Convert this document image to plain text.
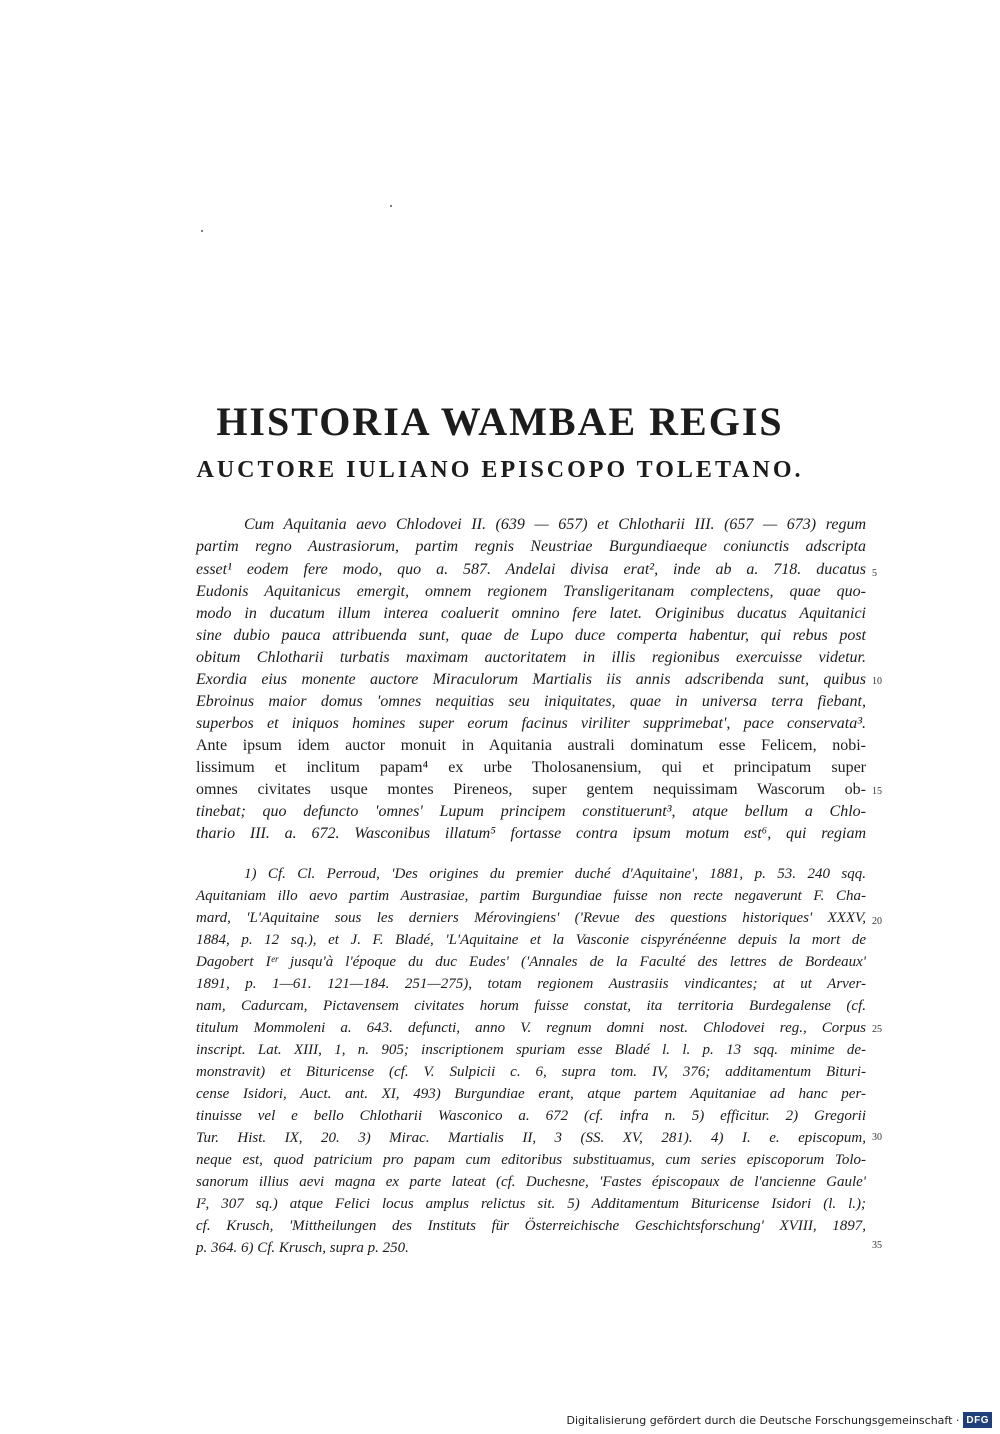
HISTORIA WAMBAE REGIS
AUCTORE IULIANO EPISCOPO TOLETANO.
Cum Aquitania aevo Chlodovei II. (639 — 657) et Chlotharii III. (657 — 673) regum
partim regno Austrasiorum, partim regnis Neustriae Burgundiaeque coniunctis adscripta
esset¹ eodem fere modo, quo a. 587. Andelai divisa erat², inde ab a. 718. ducatus
Eudonis Aquitanicus emergit, omnem regionem Transligeritanam complectens, quae quo-
modo in ducatum illum interea coaluerit omnino fere latet. Originibus ducatus Aquitanici
sine dubio pauca attribuenda sunt, quae de Lupo duce comperta habentur, qui rebus post
obitum Chlotharii turbatis maximam auctoritatem in illis regionibus exercuisse videtur.
Exordia eius monente auctore Miraculorum Martialis iis annis adscribenda sunt, quibus
Ebroinus maior domus 'omnes nequitias seu iniquitates, quae in universa terra fiebant,
superbos et iniquos homines super eorum facinus viriliter supprimebat', pace conservata³.
Ante ipsum idem auctor monuit in Aquitania australi dominatum esse Felicem, nobi-
lissimum et inclitum papam⁴ ex urbe Tholosanensium, qui et principatum super
omnes civitates usque montes Pireneos, super gentem nequissimam Wascorum ob-
tinebat; quo defuncto 'omnes' Lupum principem constituerunt³, atque bellum a Chlo-
thario III. a. 672. Wasconibus illatum⁵ fortasse contra ipsum motum est⁶, qui regiam
1) Cf. Cl. Perroud, 'Des origines du premier duché d'Aquitaine', 1881, p. 53. 240 sqq.
Aquitaniam illo aevo partim Austrasiae, partim Burgundiae fuisse non recte negaverunt F. Cha-
mard, 'L'Aquitaine sous les derniers Mérovingiens' ('Revue des questions historiques' XXXV,
1884, p. 12 sq.), et J. F. Bladé, 'L'Aquitaine et la Vasconie cispyrénéenne depuis la mort de
Dagobert Iᵉʳ jusqu'à l'époque du duc Eudes' ('Annales de la Faculté des lettres de Bordeaux'
1891, p. 1—61. 121—184. 251—275), totam regionem Austrasiis vindicantes; at ut Arver-
nam, Cadurcam, Pictavensem civitates horum fuisse constat, ita territoria Burdegalense (cf.
titulum Mommoleni a. 643. defuncti, anno V. regnum domni nost. Chlodovei reg., Corpus
inscript. Lat. XIII, 1, n. 905; inscriptionem spuriam esse Bladé l. l. p. 13 sqq. minime de-
monstravit) et Bituricense (cf. V. Sulpicii c. 6, supra tom. IV, 376; additamentum Bituri-
cense Isidori, Auct. ant. XI, 493) Burgundiae erant, atque partem Aquitaniae ad hanc per-
tinuisse vel e bello Chlotharii Wasconico a. 672 (cf. infra n. 5) efficitur. 2) Gregorii
Tur. Hist. IX, 20. 3) Mirac. Martialis II, 3 (SS. XV, 281). 4) I. e. episcopum,
neque est, quod patricium pro papam cum editoribus substituamus, cum series episcoporum Tolo-
sanorum illius aevi magna ex parte lateat (cf. Duchesne, 'Fastes épiscopaux de l'ancienne Gaule'
I², 307 sq.) atque Felici locus amplus relictus sit. 5) Additamentum Bituricense Isidori (l. l.);
cf. Krusch, 'Mittheilungen des Instituts für Österreichische Geschichtsforschung' XVIII, 1897,
p. 364. 6) Cf. Krusch, supra p. 250.
5
10
15
20
25
30
35
Digitalisierung gefördert durch die Deutsche Forschungsgemeinschaft · DFG
